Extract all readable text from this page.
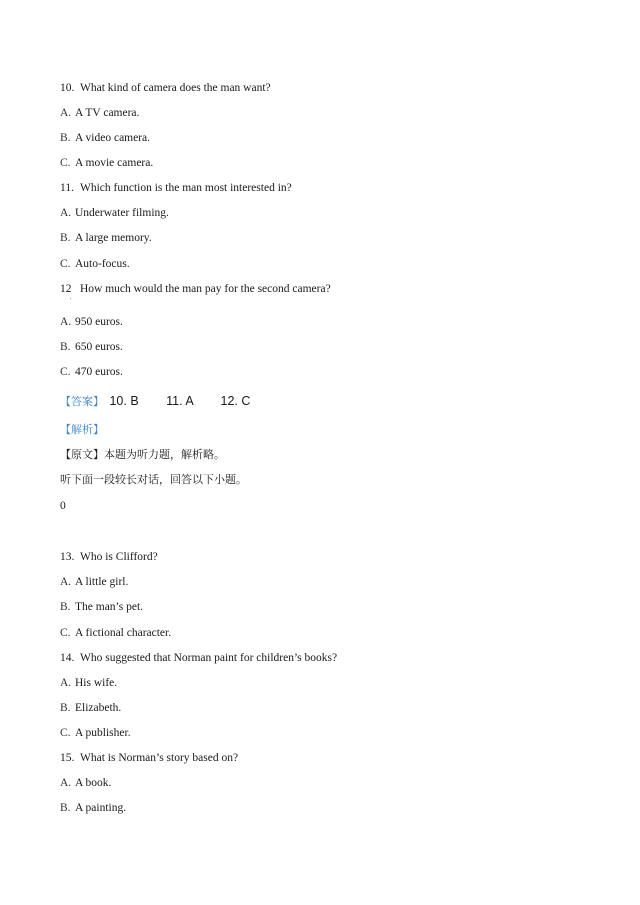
10. What kind of camera does the man want?
A. A TV camera.
B. A video camera.
C. A movie camera.
11. Which function is the man most interested in?
A. Underwater filming.
B. A large memory.
C. Auto-focus.
12 How much would the man pay for the second camera?
'
A. 950 euros.
B. 650 euros.
C. 470 euros.
【答案】 10. B 11. A 12. C
【解析】
【原文】本题为听力题，解析略。
听下面一段较长对话，回答以下小题。
0
13. Who is Clifford?
A. A little girl.
B. The man’s pet.
C. A fictional character.
14. Who suggested that Norman paint for children’s books?
A. His wife.
B. Elizabeth.
C. A publisher.
15. What is Norman’s story based on?
A. A book.
B. A painting.
